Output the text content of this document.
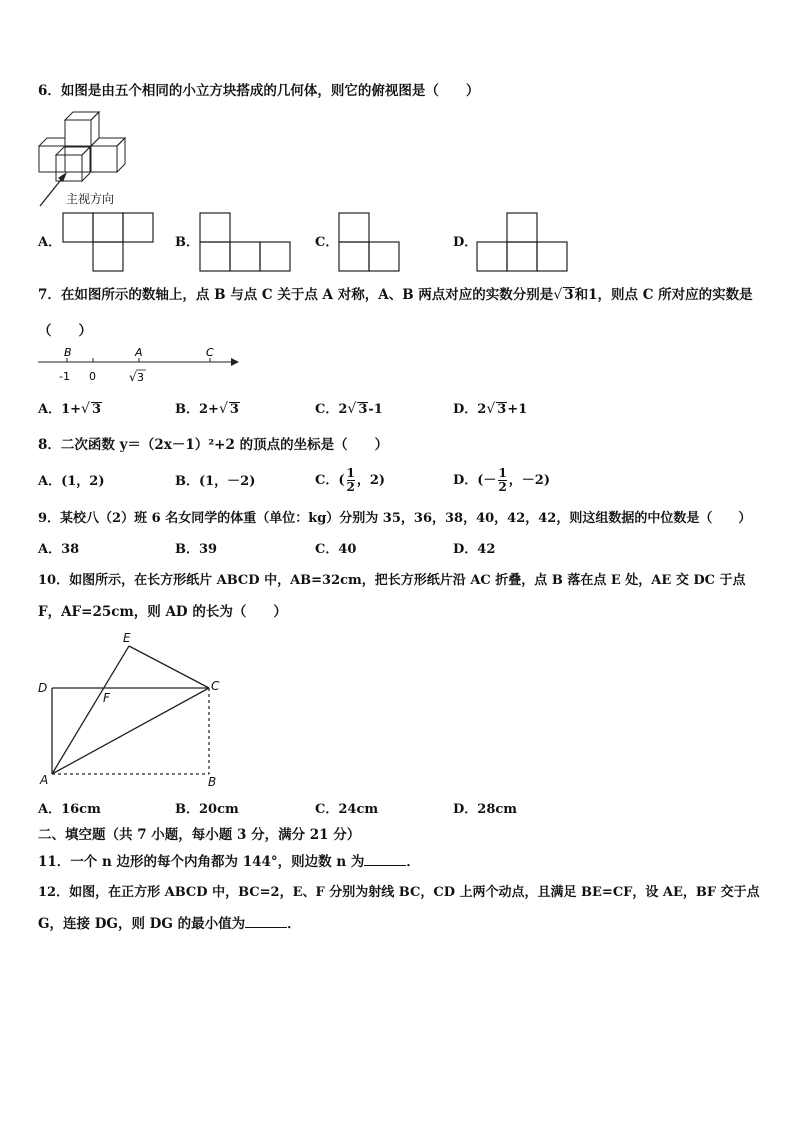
6．如图是由五个相同的小立方块搭成的几何体，则它的俯视图是（　　）
主视方向
A．	B．	C．	D．
7．在如图所示的数轴上，点 B 与点 C 关于点 A 对称，A、B 两点对应的实数分别是√ 3和1，则点 C 所对应的实数是
（　　）
B	A	C
-1 0	√ 3
A．1+√ 3	B．2+√ 3	C．2√ 3-1	D．2√ 3+1
8．二次函数 y＝（2x－1）²+2 的顶点的坐标是（　　）
A．(1，2)	B．(1，－2)	C．( $\frac{1}{2}$ ，2)	D．(－ $\frac{1}{2}$ ，－2)
9．某校八（2）班 6 名女同学的体重（单位：kg）分别为 35，36，38，40，42，42，则这组数据的中位数是（　　）
A．38	B．39	C．40	D．42
10．如图所示，在长方形纸片 ABCD 中，AB=32cm，把长方形纸片沿 AC 折叠，点 B 落在点 E 处，AE 交 DC 于点
F，AF=25cm，则 AD 的长为（　　）
E
D
F
C
A	B
A．16cm	B．20cm	C．24cm	D．28cm
二、填空题（共 7 小题，每小题 3 分，满分 21 分）
11．一个 n 边形的每个内角都为 144°，则边数 n 为	．
12．如图，在正方形 ABCD 中，BC=2，E、F 分别为射线 BC，CD 上两个动点，且满足 BE=CF，设 AE，BF 交于点
G，连接 DG，则 DG 的最小值为	．
